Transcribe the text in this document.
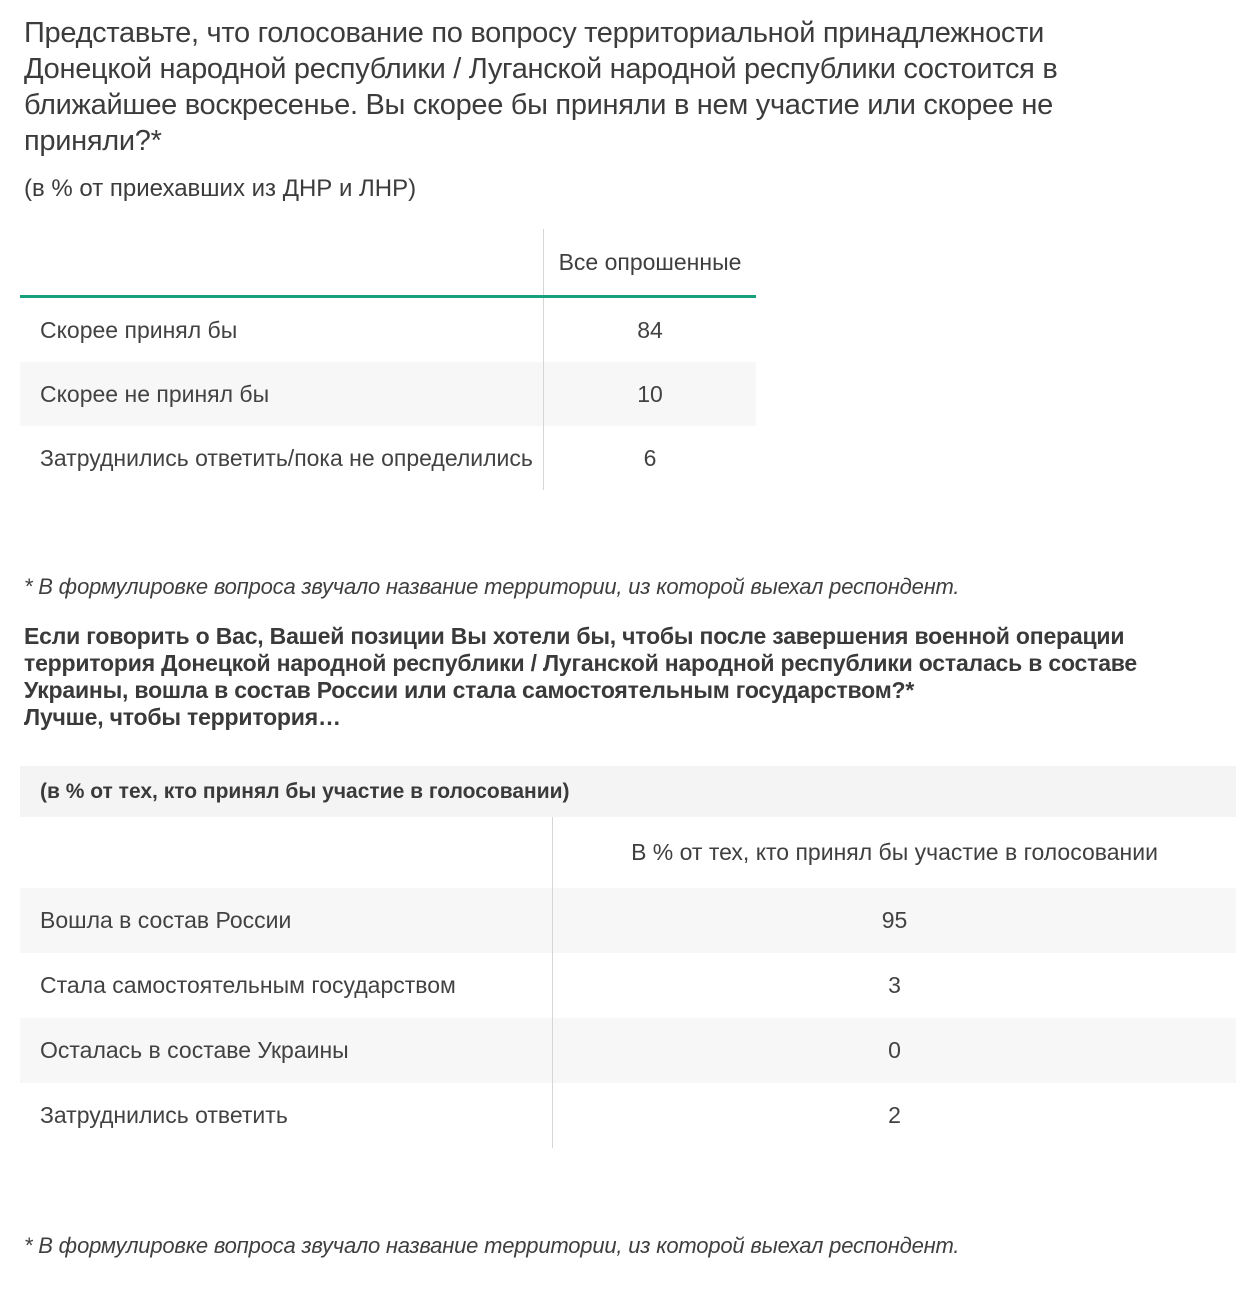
Представьте, что голосование по вопросу территориальной принадлежности Донецкой народной республики / Луганской народной республики состоится в ближайшее воскресенье. Вы скорее бы приняли в нем участие или скорее не приняли?*
(в % от приехавших из ДНР и ЛНР)
Все опрошенные
Скорее принял бы	84
Скорее не принял бы	10
Затруднились ответить/пока не определились	6
* В формулировке вопроса звучало название территории, из которой выехал респондент.
Если говорить о Вас, Вашей позиции Вы хотели бы, чтобы после завершения военной операции территория Донецкой народной республики / Луганской народной республики осталась в составе Украины, вошла в состав России или стала самостоятельным государством?*
Лучше, чтобы территория…
(в % от тех, кто принял бы участие в голосовании)
В % от тех, кто принял бы участие в голосовании
Вошла в состав России	95
Стала самостоятельным государством	3
Осталась в составе Украины	0
Затруднились ответить	2
* В формулировке вопроса звучало название территории, из которой выехал респондент.
